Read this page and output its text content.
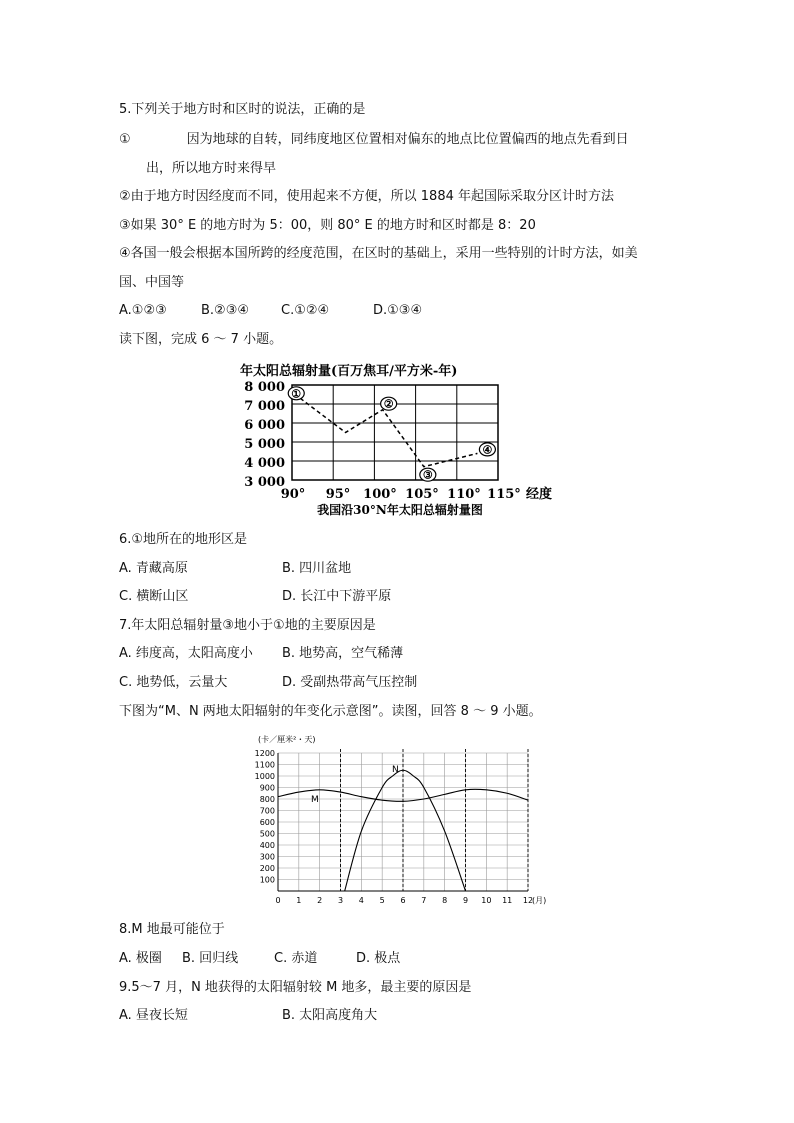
5.下列关于地方时和区时的说法，正确的是
①	因为地球的自转，同纬度地区位置相对偏东的地点比位置偏西的地点先看到日
出，所以地方时来得早
②由于地方时因经度而不同，使用起来不方便，所以 1884 年起国际采取分区计时方法
③如果 30° E 的地方时为 5：00，则 80° E 的地方时和区时都是 8：20
④各国一般会根据本国所跨的经度范围，在区时的基础上，采用一些特别的计时方法，如美
国、中国等
A.①②③	B.②③④ C.①②④	D.①③④
读下图，完成 6 ～ 7 小题。
年太阳总辐射量(百万焦耳/平方米-年)
8 000
7 000
6 000
5 000
4 000
3 000
90° 95° 100° 105° 110° 115° 经度
①
②
③
④
我国沿30°N年太阳总辐射量图
6.①地所在的地形区是
A. 青藏高原	B. 四川盆地
C. 横断山区	D. 长江中下游平原
7.年太阳总辐射量③地小于①地的主要原因是
A. 纬度高，太阳高度小 B. 地势高，空气稀薄
C. 地势低，云量大	D. 受副热带高气压控制
下图为“M、N 两地太阳辐射的年变化示意图”。读图，回答 8 ～ 9 小题。
(卡／厘米²・天)
1200
1100
1000
900
800
700
600
500
400
300
200
100
0 1 2 3 4 5 6 7 8 9 10 11 12
(月)
M
N
8.M 地最可能位于
A. 极圈 B. 回归线	C. 赤道	D. 极点
9.5～7 月，N 地获得的太阳辐射较 M 地多，最主要的原因是
A. 昼夜长短	B. 太阳高度角大
